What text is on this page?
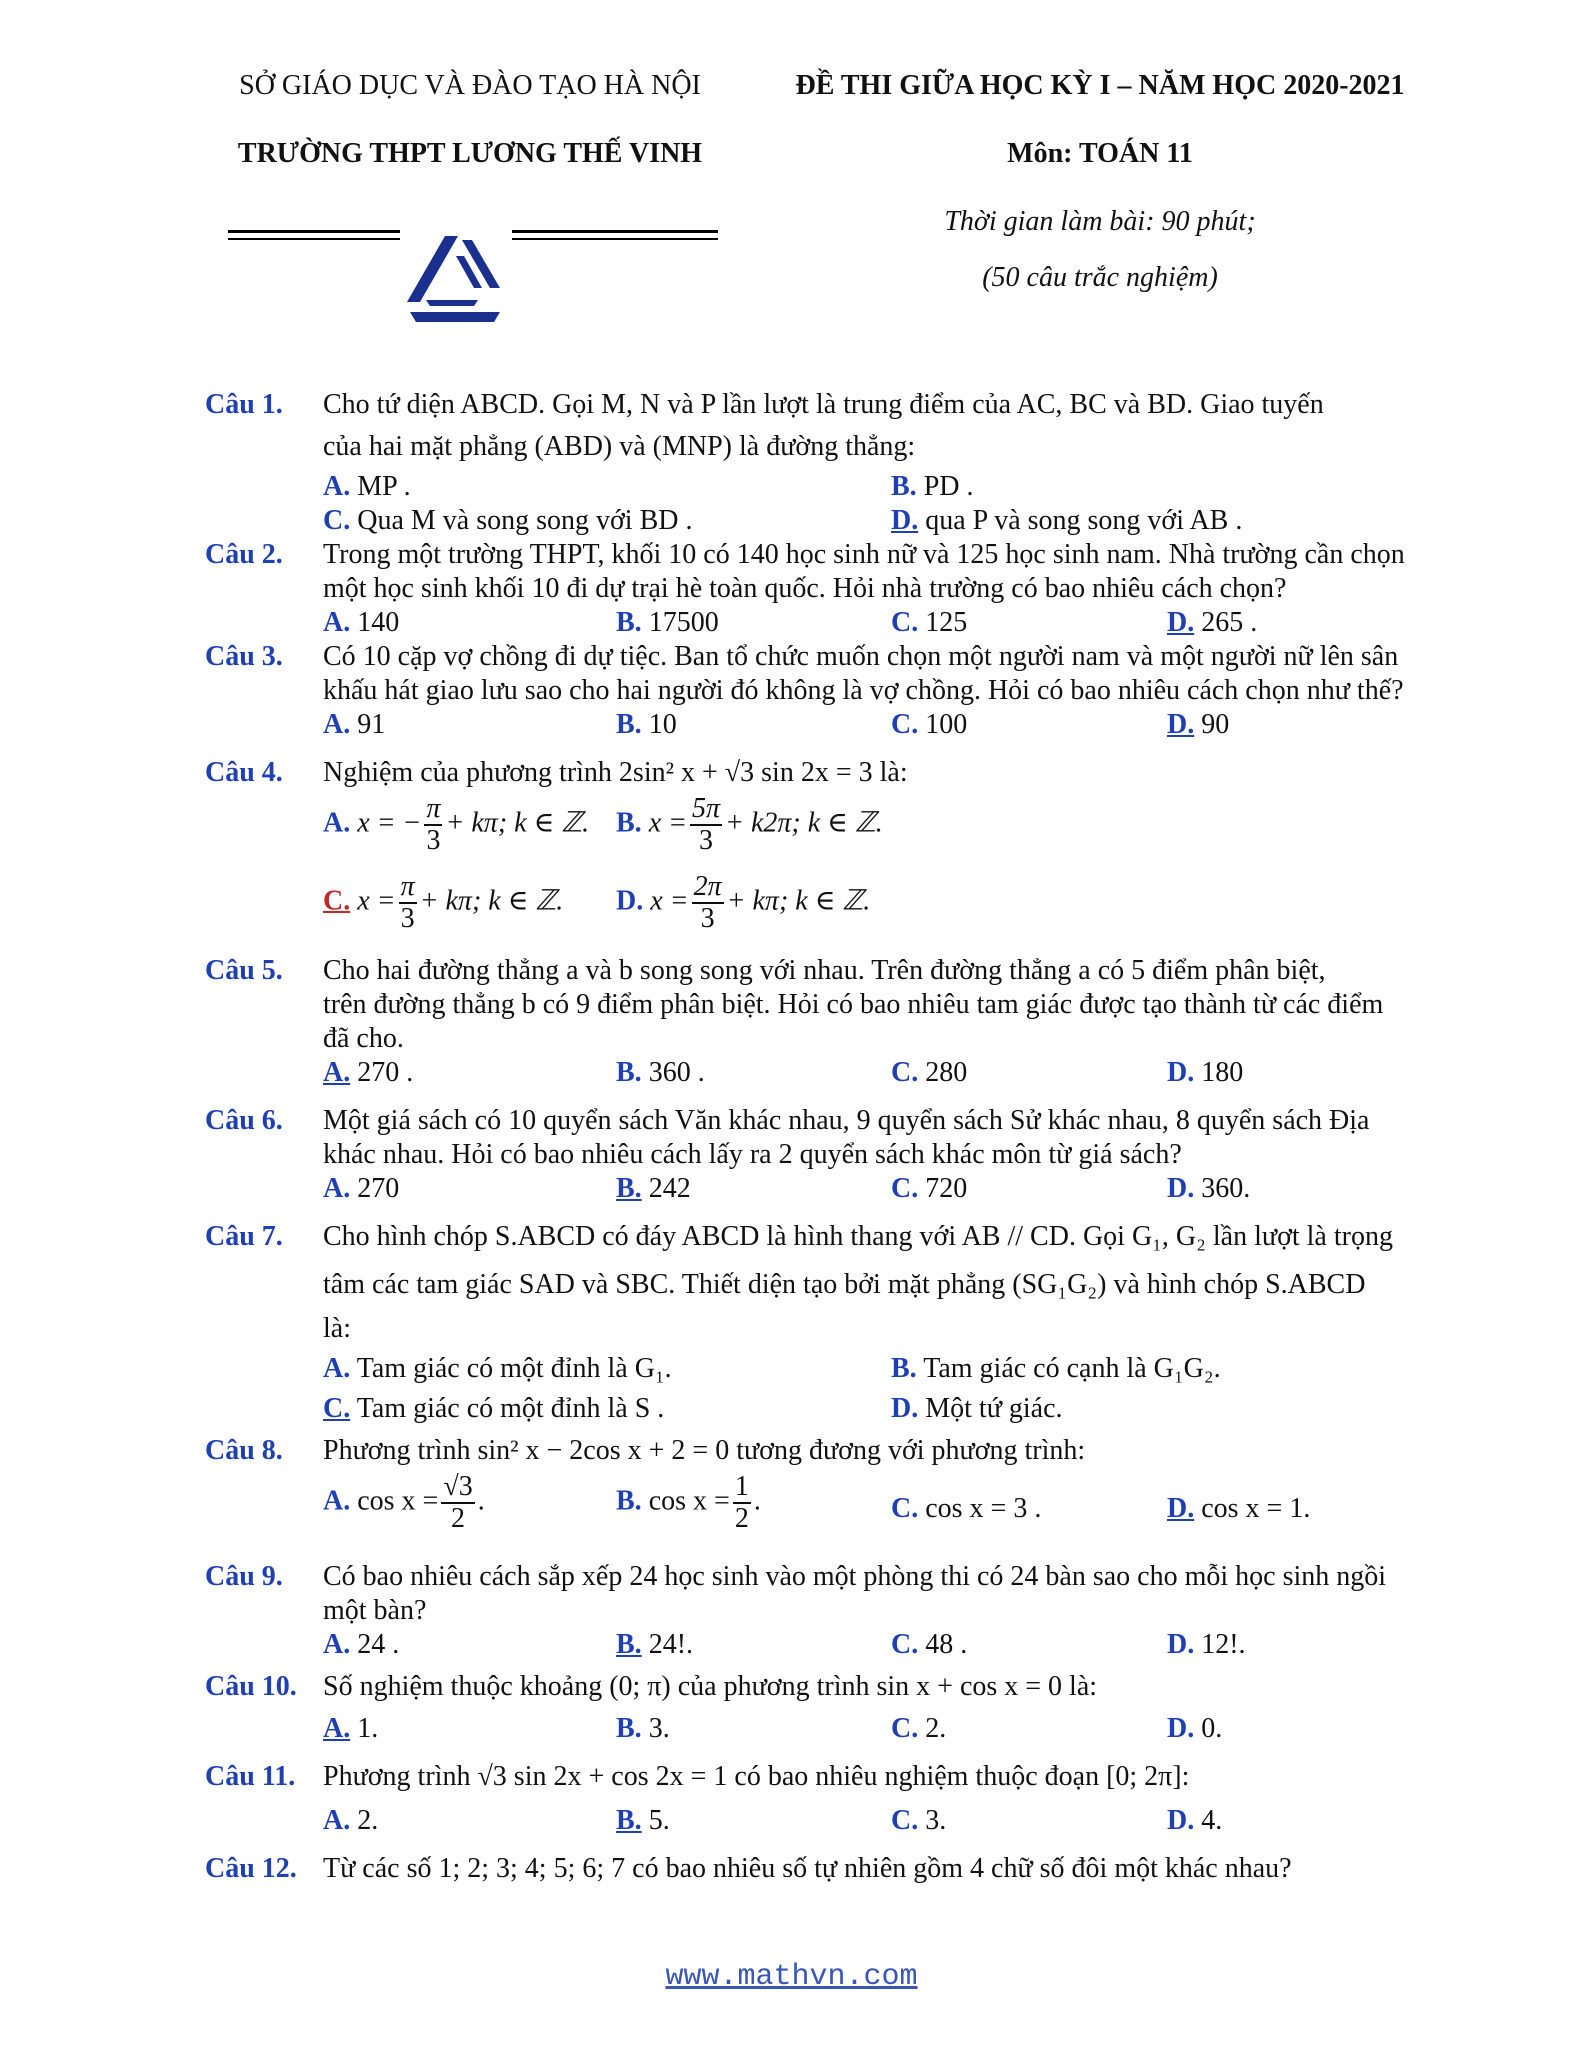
SỞ GIÁO DỤC VÀ ĐÀO TẠO HÀ NỘI
TRƯỜNG THPT LƯƠNG THẾ VINH
ĐỀ THI GIỮA HỌC KỲ I – NĂM HỌC 2020-2021
Môn: TOÁN 11
Thời gian làm bài: 90 phút;
(50 câu trắc nghiệm)
Câu 1. Cho tứ diện ABCD. Gọi M, N và P lần lượt là trung điểm của AC, BC và BD. Giao tuyến
của hai mặt phẳng (ABD) và (MNP) là đường thẳng:
A. MP .	B. PD .
C. Qua M và song song với BD .	D. qua P và song song với AB .
Câu 2. Trong một trường THPT, khối 10 có 140 học sinh nữ và 125 học sinh nam. Nhà trường cần chọn
một học sinh khối 10 đi dự trại hè toàn quốc. Hỏi nhà trường có bao nhiêu cách chọn?
A. 140	B. 17500	C. 125	D. 265 .
Câu 3. Có 10 cặp vợ chồng đi dự tiệc. Ban tổ chức muốn chọn một người nam và một người nữ lên sân
khấu hát giao lưu sao cho hai người đó không là vợ chồng. Hỏi có bao nhiêu cách chọn như thế?
A. 91	B. 10	C. 100	D. 90
Câu 4. Nghiệm của phương trình 2sin² x + √3 sin 2x = 3 là:
A. x = − $\frac{\pi}{3} + k\pi$; k ∈ ℤ. B. $x = \frac{5\pi}{3} + k2\pi$; k ∈ ℤ.
C. $x = \frac{\pi}{3} + k\pi$; k ∈ ℤ. D. $x = \frac{2\pi}{3} + k\pi$; k ∈ ℤ.
Câu 5. Cho hai đường thẳng a và b song song với nhau. Trên đường thẳng a có 5 điểm phân biệt,
trên đường thẳng b có 9 điểm phân biệt. Hỏi có bao nhiêu tam giác được tạo thành từ các điểm
đã cho.
A. 270 .	B. 360 .	C. 280	D. 180
Câu 6. Một giá sách có 10 quyển sách Văn khác nhau, 9 quyển sách Sử khác nhau, 8 quyển sách Địa
khác nhau. Hỏi có bao nhiêu cách lấy ra 2 quyển sách khác môn từ giá sách?
A. 270	B. 242	C. 720	D. 360.
Câu 7. Cho hình chóp S.ABCD có đáy ABCD là hình thang với AB // CD. Gọi G₁, G₂ lần lượt là trọng
tâm các tam giác SAD và SBC. Thiết diện tạo bởi mặt phẳng (SG₁G₂) và hình chóp S.ABCD
là:
A. Tam giác có một đỉnh là G₁.	B. Tam giác có cạnh là G₁G₂.
C. Tam giác có một đỉnh là S .	D. Một tứ giác.
Câu 8. Phương trình sin² x − 2cos x + 2 = 0 tương đương với phương trình:
A. $\cos x = \frac{√3}{2}$ .	B. $\cos x = \frac{1}{2}$ .	C. cos x = 3 .	D. cos x = 1.
Câu 9. Có bao nhiêu cách sắp xếp 24 học sinh vào một phòng thi có 24 bàn sao cho mỗi học sinh ngồi
một bàn?
A. 24 .	B. 24!.	C. 48 .	D. 12!.
Câu 10. Số nghiệm thuộc khoảng (0; π) của phương trình sin x + cos x = 0 là:
A. 1.	B. 3.	C. 2.	D. 0.
Câu 11. Phương trình √3 sin 2x + cos 2x = 1 có bao nhiêu nghiệm thuộc đoạn [0; 2π]:
A. 2.	B. 5.	C. 3.	D. 4.
Câu 12. Từ các số 1; 2; 3; 4; 5; 6; 7 có bao nhiêu số tự nhiên gồm 4 chữ số đôi một khác nhau?
www.mathvn.com
